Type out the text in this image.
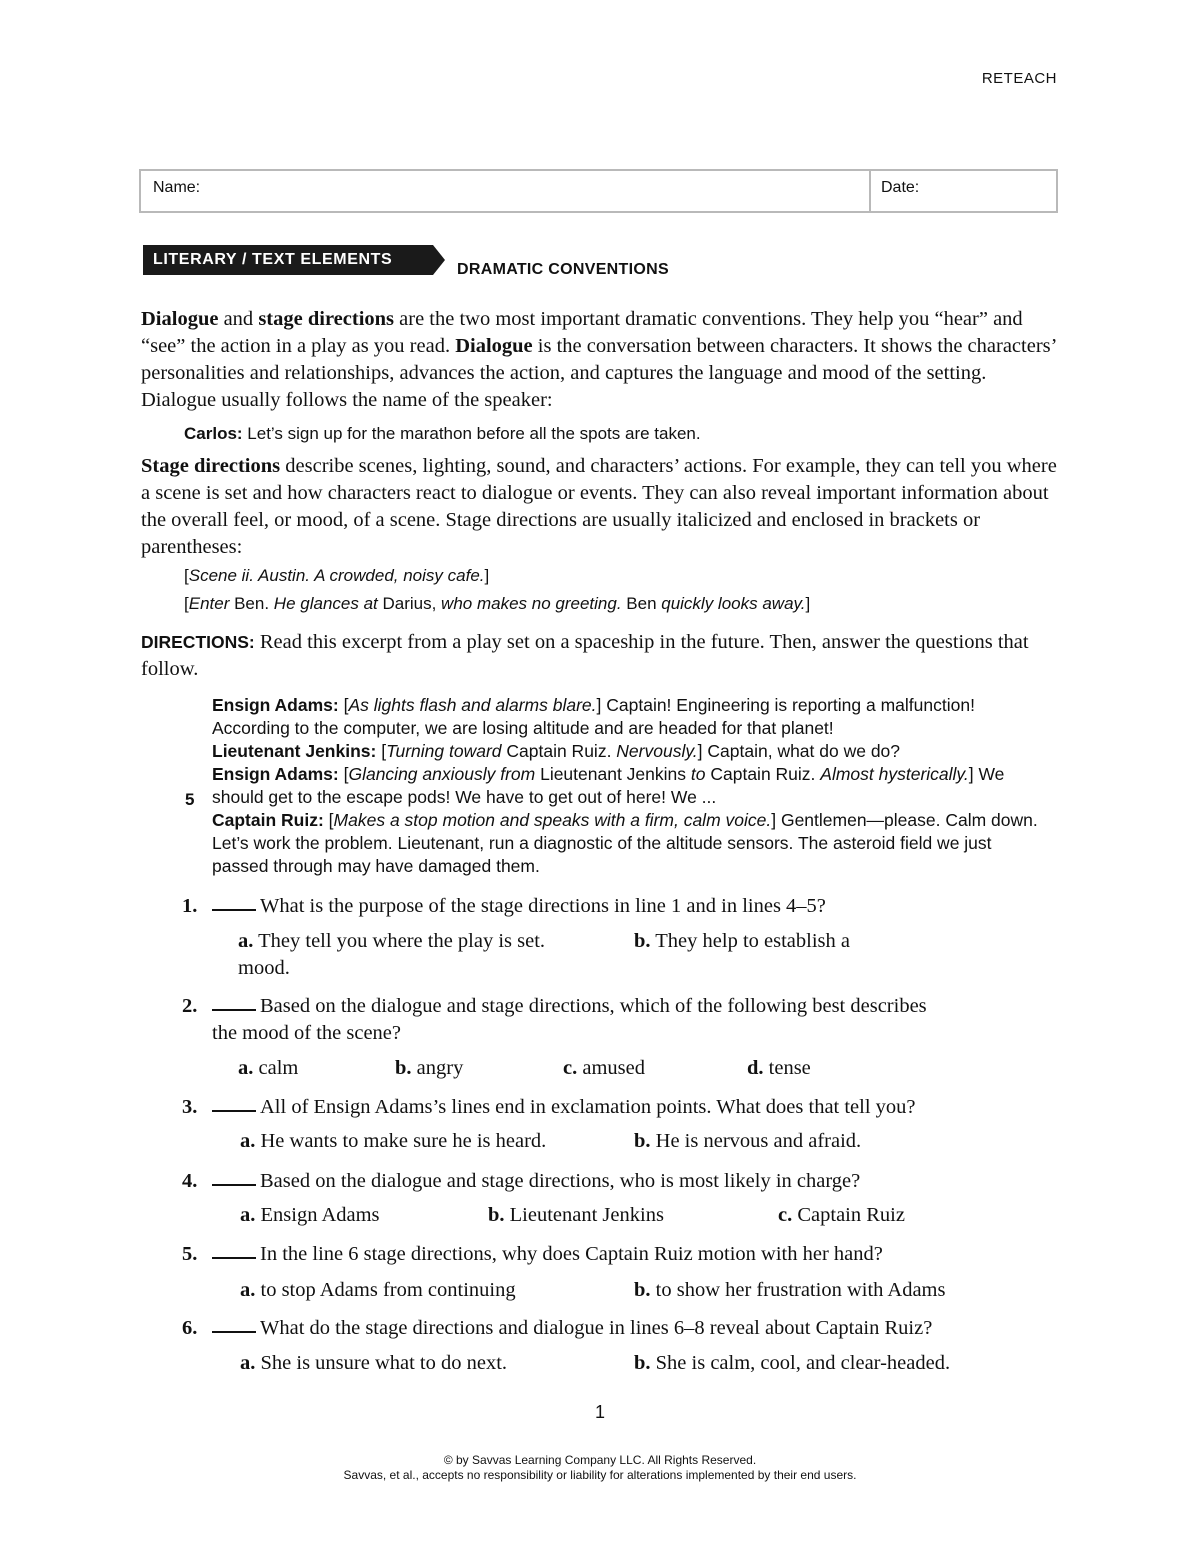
RETEACH
Name:	Date:
LITERARY / TEXT ELEMENTS
DRAMATIC CONVENTIONS
Dialogue and stage directions are the two most important dramatic conventions. They help you “hear” and “see” the action in a play as you read. Dialogue is the conversation between characters. It shows the characters’ personalities and relationships, advances the action, and captures the language and mood of the setting. Dialogue usually follows the name of the speaker:
Carlos: Let’s sign up for the marathon before all the spots are taken.
Stage directions describe scenes, lighting, sound, and characters’ actions. For example, they can tell you where a scene is set and how characters react to dialogue or events. They can also reveal important information about the overall feel, or mood, of a scene. Stage directions are usually italicized and enclosed in brackets or parentheses:
[Scene ii. Austin. A crowded, noisy cafe.]
[Enter Ben. He glances at Darius, who makes no greeting. Ben quickly looks away.]
DIRECTIONS: Read this excerpt from a play set on a spaceship in the future. Then, answer the questions that follow.
5
Ensign Adams: [As lights flash and alarms blare.] Captain! Engineering is reporting a malfunction! According to the computer, we are losing altitude and are headed for that planet!
Lieutenant Jenkins: [Turning toward Captain Ruiz. Nervously.] Captain, what do we do?
Ensign Adams: [Glancing anxiously from Lieutenant Jenkins to Captain Ruiz. Almost hysterically.] We should get to the escape pods! We have to get out of here! We ...
Captain Ruiz: [Makes a stop motion and speaks with a firm, calm voice.] Gentlemen—please. Calm down. Let’s work the problem. Lieutenant, run a diagnostic of the altitude sensors. The asteroid field we just passed through may have damaged them.
1.	What is the purpose of the stage directions in line 1 and in lines 4–5?
a. They tell you where the play is set.	b. They help to establish a
mood.
2.	Based on the dialogue and stage directions, which of the following best describes
the mood of the scene?
a. calm	b. angry	c. amused	d. tense
3.	All of Ensign Adams’s lines end in exclamation points. What does that tell you?
a. He wants to make sure he is heard.	b. He is nervous and afraid.
4.	Based on the dialogue and stage directions, who is most likely in charge?
a. Ensign Adams	b. Lieutenant Jenkins	c. Captain Ruiz
5.	In the line 6 stage directions, why does Captain Ruiz motion with her hand?
a. to stop Adams from continuing	b. to show her frustration with Adams
6.	What do the stage directions and dialogue in lines 6–8 reveal about Captain Ruiz?
a. She is unsure what to do next.	b. She is calm, cool, and clear-headed.
1
© by Savvas Learning Company LLC. All Rights Reserved.
Savvas, et al., accepts no responsibility or liability for alterations implemented by their end users.
